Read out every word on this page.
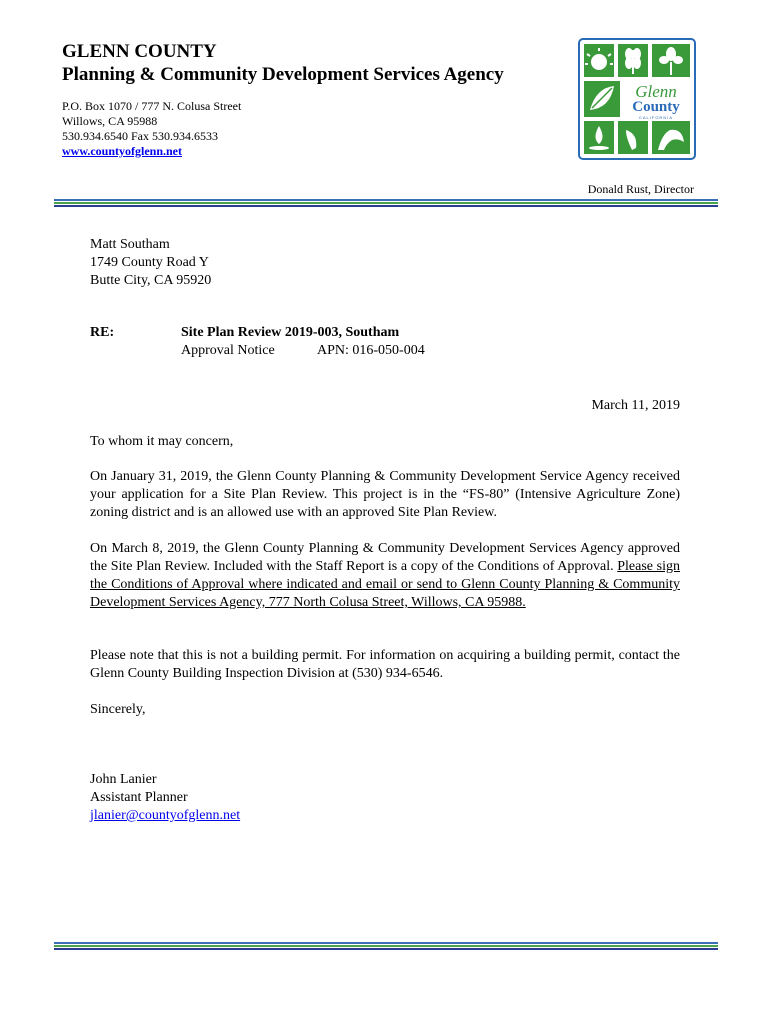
GLENN COUNTY
Planning & Community Development Services Agency
P.O. Box 1070 / 777 N. Colusa Street
Willows, CA 95988
530.934.6540 Fax 530.934.6533
www.countyofglenn.net
Glenn
County
CALIFORNIA
Donald Rust, Director
Matt Southam
1749 County Road Y
Butte City, CA 95920
RE:	Site Plan Review 2019-003, Southam
Approval Notice	APN: 016-050-004
March 11, 2019
To whom it may concern,
On January 31, 2019, the Glenn County Planning & Community Development Service Agency received your application for a Site Plan Review. This project is in the “FS-80” (Intensive Agriculture Zone) zoning district and is an allowed use with an approved Site Plan Review.
On March 8, 2019, the Glenn County Planning & Community Development Services Agency approved the Site Plan Review. Included with the Staff Report is a copy of the Conditions of Approval. Please sign the Conditions of Approval where indicated and email or send to Glenn County Planning & Community Development Services Agency, 777 North Colusa Street, Willows, CA 95988.
Please note that this is not a building permit. For information on acquiring a building permit, contact the Glenn County Building Inspection Division at (530) 934-6546.
Sincerely,
John Lanier
Assistant Planner
jlanier@countyofglenn.net
